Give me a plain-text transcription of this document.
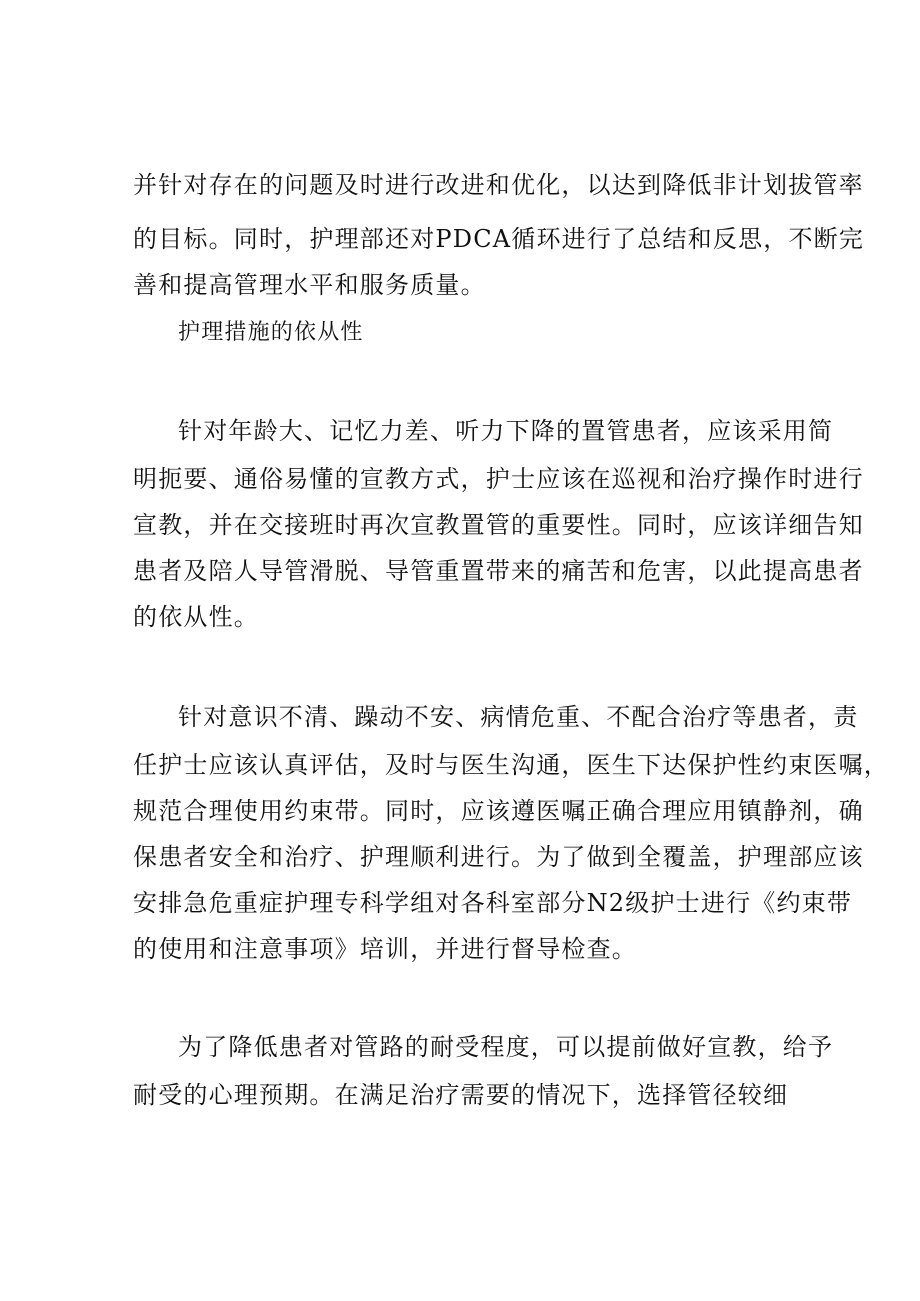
并针对存在的问题及时进行改进和优化，以达到降低非计划拔管率
的目标。同时，护理部还对PDCA循环进行了总结和反思，不断完
善和提高管理水平和服务质量。
护理措施的依从性
针对年龄大、记忆力差、听力下降的置管患者，应该采用简
明扼要、通俗易懂的宣教方式，护士应该在巡视和治疗操作时进行
宣教，并在交接班时再次宣教置管的重要性。同时，应该详细告知
患者及陪人导管滑脱、导管重置带来的痛苦和危害，以此提高患者
的依从性。
针对意识不清、躁动不安、病情危重、不配合治疗等患者，责
任护士应该认真评估，及时与医生沟通，医生下达保护性约束医嘱，
规范合理使用约束带。同时，应该遵医嘱正确合理应用镇静剂，确
保患者安全和治疗、护理顺利进行。为了做到全覆盖，护理部应该
安排急危重症护理专科学组对各科室部分N2级护士进行《约束带
的使用和注意事项》培训，并进行督导检查。
为了降低患者对管路的耐受程度，可以提前做好宣教，给予
耐受的心理预期。在满足治疗需要的情况下，选择管径较细
